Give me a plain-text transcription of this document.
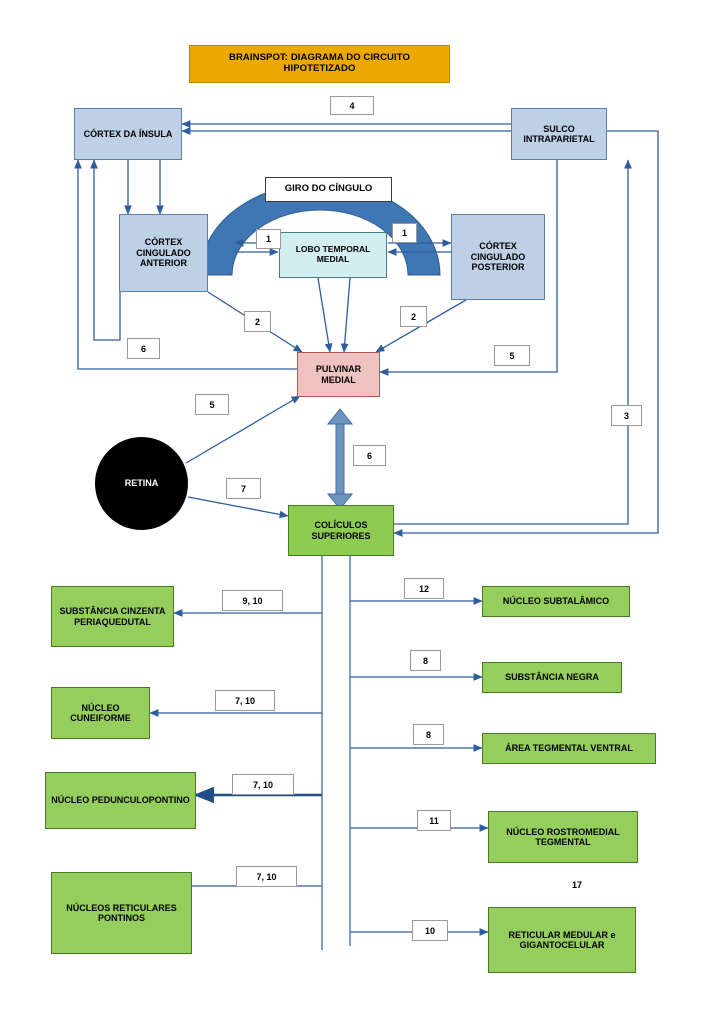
BRAINSPOT: DIAGRAMA DO CIRCUITO HIPOTETIZADO
CÓRTEX DA ÍNSULA
SULCO INTRAPARIETAL
GIRO DO CÍNGULO
CÓRTEX CINGULADO ANTERIOR
LOBO TEMPORAL MEDIAL
CÓRTEX CINGULADO POSTERIOR
PULVINAR MEDIAL
RETINA
COLÍCULOS SUPERIORES
SUBSTÂNCIA CINZENTA PERIAQUEDUTAL
NÚCLEO CUNEIFORME
NÚCLEO PEDUNCULOPONTINO
NÚCLEOS RETICULARES PONTINOS
NÚCLEO SUBTALÂMICO
SUBSTÂNCIA NEGRA
ÁREA TEGMENTAL VENTRAL
NÚCLEO ROSTROMEDIAL TEGMENTAL
RETICULAR MEDULAR e GIGANTOCELULAR
4
1
1
2	2
6
5
3
5
6
7
9, 10
12
8
7, 10
8
7, 10
11
7, 10
10
17
